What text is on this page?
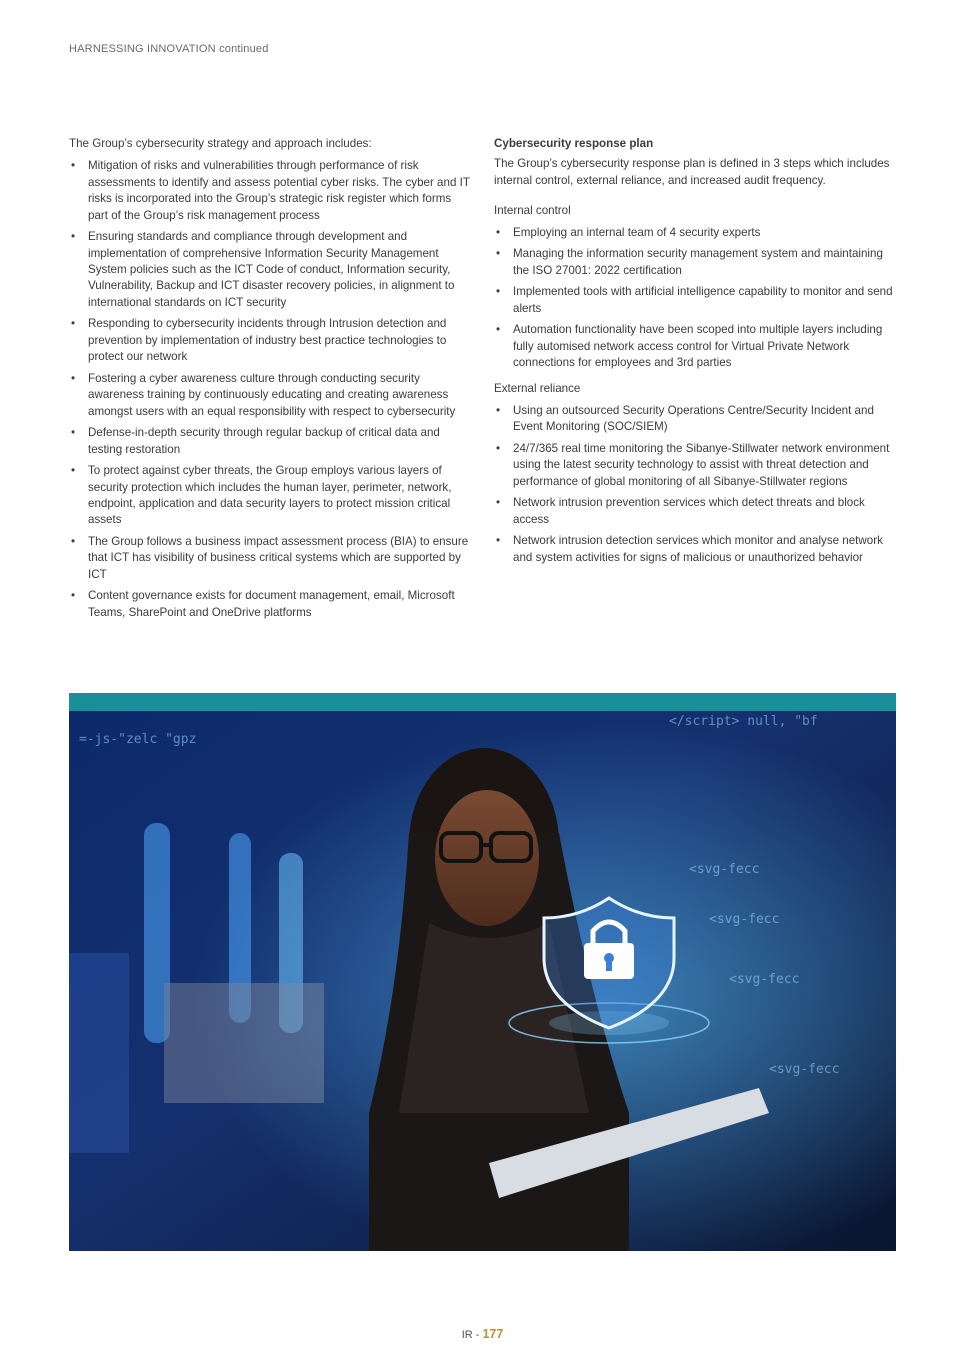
HARNESSING INNOVATION continued

The Group’s cybersecurity strategy and approach includes:

• Mitigation of risks and vulnerabilities through performance of risk assessments to identify and assess potential cyber risks. The cyber and IT risks is incorporated into the Group’s strategic risk register which forms part of the Group’s risk management process
• Ensuring standards and compliance through development and implementation of comprehensive Information Security Management System policies such as the ICT Code of conduct, Information security, Vulnerability, Backup and ICT disaster recovery policies, in alignment to international standards on ICT security
• Responding to cybersecurity incidents through Intrusion detection and prevention by implementation of industry best practice technologies to protect our network
• Fostering a cyber awareness culture through conducting security awareness training by continuously educating and creating awareness amongst users with an equal responsibility with respect to cybersecurity
• Defense-in-depth security through regular backup of critical data and testing restoration
• To protect against cyber threats, the Group employs various layers of security protection which includes the human layer, perimeter, network, endpoint, application and data security layers to protect mission critical assets
• The Group follows a business impact assessment process (BIA) to ensure that ICT has visibility of business critical systems which are supported by ICT
• Content governance exists for document management, email, Microsoft Teams, SharePoint and OneDrive platforms

Cybersecurity response plan

The Group’s cybersecurity response plan is defined in 3 steps which includes internal control, external reliance, and increased audit frequency.

Internal control

• Employing an internal team of 4 security experts
• Managing the information security management system and maintaining the ISO 27001: 2022 certification
• Implemented tools with artificial intelligence capability to monitor and send alerts
• Automation functionality have been scoped into multiple layers including fully automised network access control for Virtual Private Network connections for employees and 3rd parties

External reliance

• Using an outsourced Security Operations Centre/Security Incident and Event Monitoring (SOC/SIEM)
• 24/7/365 real time monitoring the Sibanye-Stillwater network environment using the latest security technology to assist with threat detection and performance of global monitoring of all Sibanye-Stillwater regions
• Network intrusion prevention services which detect threats and block access
• Network intrusion detection services which monitor and analyse network and system activities for signs of malicious or unauthorized behavior
=-js-"zelc "gpz
</script> null, "bf
<svg-fecc
<svg-fecc
<svg-fecc
<svg-fecc
IR - 177
